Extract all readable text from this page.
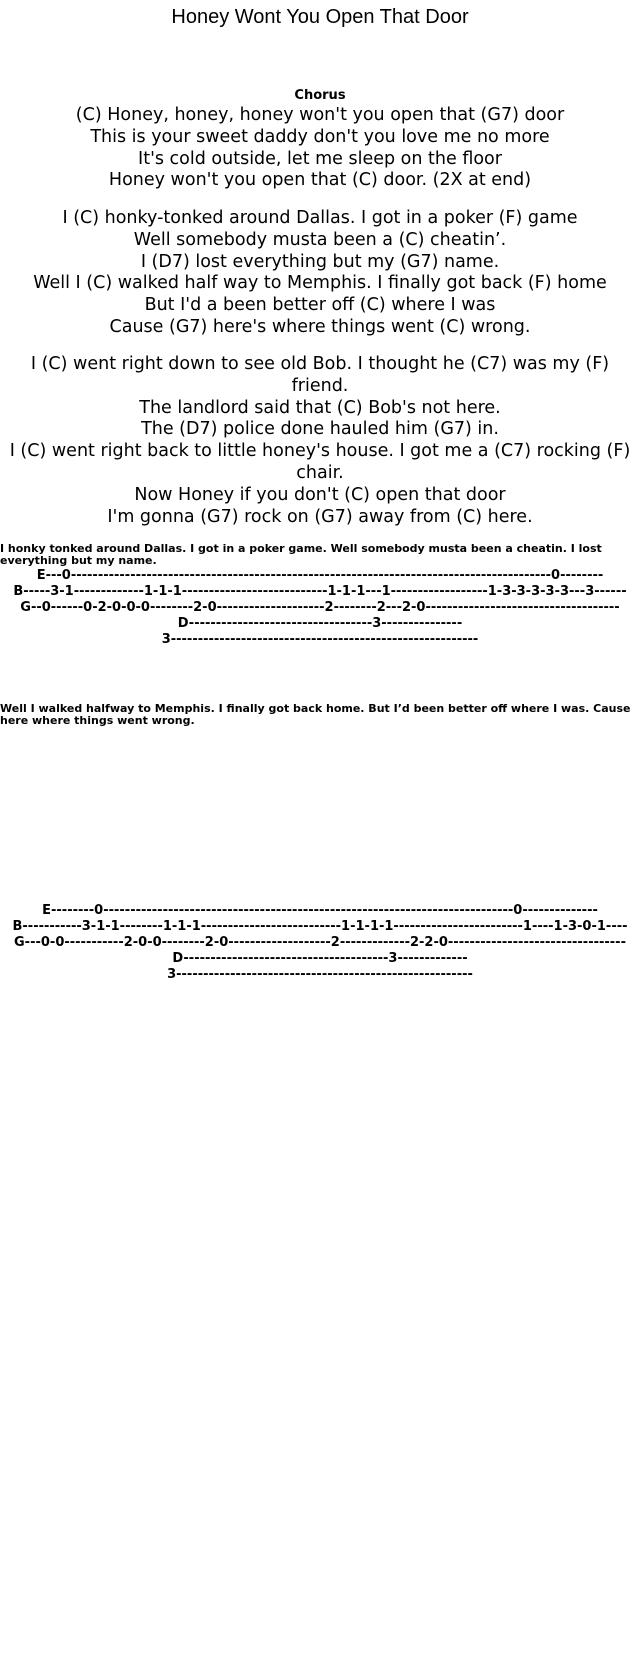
Honey Wont You Open That Door
Chorus
(C) Honey, honey, honey won't you open that (G7) door
This is your sweet daddy don't you love me no more
It's cold outside, let me sleep on the floor
Honey won't you open that (C) door. (2X at end)
I (C) honky-tonked around Dallas. I got in a poker (F) game
Well somebody musta been a (C) cheatin’.
I (D7) lost everything but my (G7) name.
Well I (C) walked half way to Memphis. I finally got back (F) home
But I'd a been better off (C) where I was
Cause (G7) here's where things went (C) wrong.
I (C) went right down to see old Bob. I thought he (C7) was my (F) friend.
The landlord said that (C) Bob's not here.
The (D7) police done hauled him (G7) in.
I (C) went right back to little honey's house. I got me a (C7) rocking (F) chair.
Now Honey if you don't (C) open that door
I'm gonna (G7) rock on (G7) away from (C) here.
I honky tonked around Dallas. I got in a poker game. Well somebody musta been a cheatin. I lost everything but my name.
E---0-----------------------------------------------------------------------------------------0--------
B-----3-1-------------1-1-1---------------------------1-1-1---1------------------1-3-3-3-3-3---3------
G--0------0-2-0-0-0--------2-0--------------------2--------2---2-0------------------------------------
D----------------------------------3---------------
3---------------------------------------------------------
Well I walked halfway to Memphis. I finally got back home. But I’d been better off where I was. Cause here where things went wrong.
E--------0----------------------------------------------------------------------------0--------------
B-----------3-1-1--------1-1-1--------------------------1-1-1-1------------------------1----1-3-0-1----
G---0-0-----------2-0-0--------2-0-------------------2-------------2-2-0---------------------------------
D--------------------------------------3-------------
3-------------------------------------------------------
